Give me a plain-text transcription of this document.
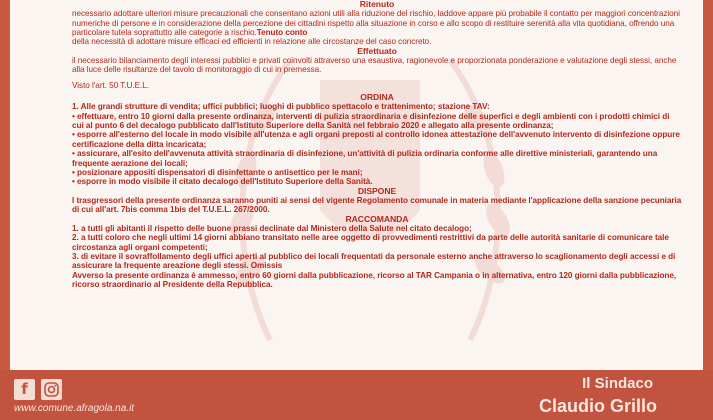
Ritenuto

necessario adottare ulteriori misure precauzionali che consentano azioni utili alla riduzione del rischio, laddove appare più probabile il contatto per maggiori concentrazioni numeriche di persone e in considerazione della percezione dei cittadini rispetto alla situazione in corso e allo scopo di restituire serenità alla vita quotidiana, offrendo una particolare tutela soprattutto alle categorie a rischio.Tenuto conto

della necessità di adottare misure efficaci ed efficienti in relazione alle circostanze del caso concreto.

Effettuato

il necessario bilanciamento degli interessi pubblici e privati coinvolti attraverso una esaustiva, ragionevole e proporzionata ponderazione e valutazione degli stessi, anche alla luce delle risultanze del tavolo di monitoraggio di cui in premessa.

Visto l'art. 50 T.U.E.L.

ORDINA

1. Alle grandi strutture di vendita; uffici pubblici; luoghi di pubblico spettacolo e trattenimento; stazione TAV:

• effettuare, entro 10 giorni dalla presente ordinanza, interventi di pulizia straordinaria e disinfezione delle superfici e degli ambienti con i prodotti chimici di cui al punto 6 del decalogo pubblicato dall'Istituto Superiore della Sanità nel febbraio 2020 e allegato alla presente ordinanza;

• esporre all'esterno del locale in modo visibile all'utenza e agli organi preposti al controllo idonea attestazione dell'avvenuto intervento di disinfezione oppure certificazione della ditta incaricata;

• assicurare, all'esito dell'avvenuta attività straordinaria di disinfezione, un'attività di pulizia ordinaria conforme alle direttive ministeriali, garantendo una frequente aerazione dei locali;

• posizionare appositi dispensatori di disinfettante o antisettico per le mani;

• esporre in modo visibile il citato decalogo dell'Istituto Superiore della Sanità.

DISPONE

I trasgressori della presente ordinanza saranno puniti ai sensi del vigente Regolamento comunale in materia mediante l'applicazione della sanzione pecuniaria di cui all'art. 7bis comma 1bis del T.U.E.L. 267/2000.

RACCOMANDA

1. a tutti gli abitanti il rispetto delle buone prassi declinate dal Ministero della Salute nel citato decalogo;

2. a tutti coloro che negli ultimi 14 giorni abbiano transitato nelle aree oggetto di provvedimenti restrittivi da parte delle autorità sanitarie di comunicare tale circostanza agli organi competenti;

3. di evitare il sovraffollamento degli uffici aperti al pubblico dei locali frequentati da personale esterno anche attraverso lo scaglionamento degli accessi e di assicurare la frequente areazione degli stessi. Omissis

Avverso la presente ordinanza è ammesso, entro 60 giorni dalla pubblicazione, ricorso al TAR Campania o in alternativa, entro 120 giorni dalla pubblicazione, ricorso straordinario al Presidente della Repubblica.

f
www.comune.afragola.na.it
Il Sindaco
Claudio Grillo
